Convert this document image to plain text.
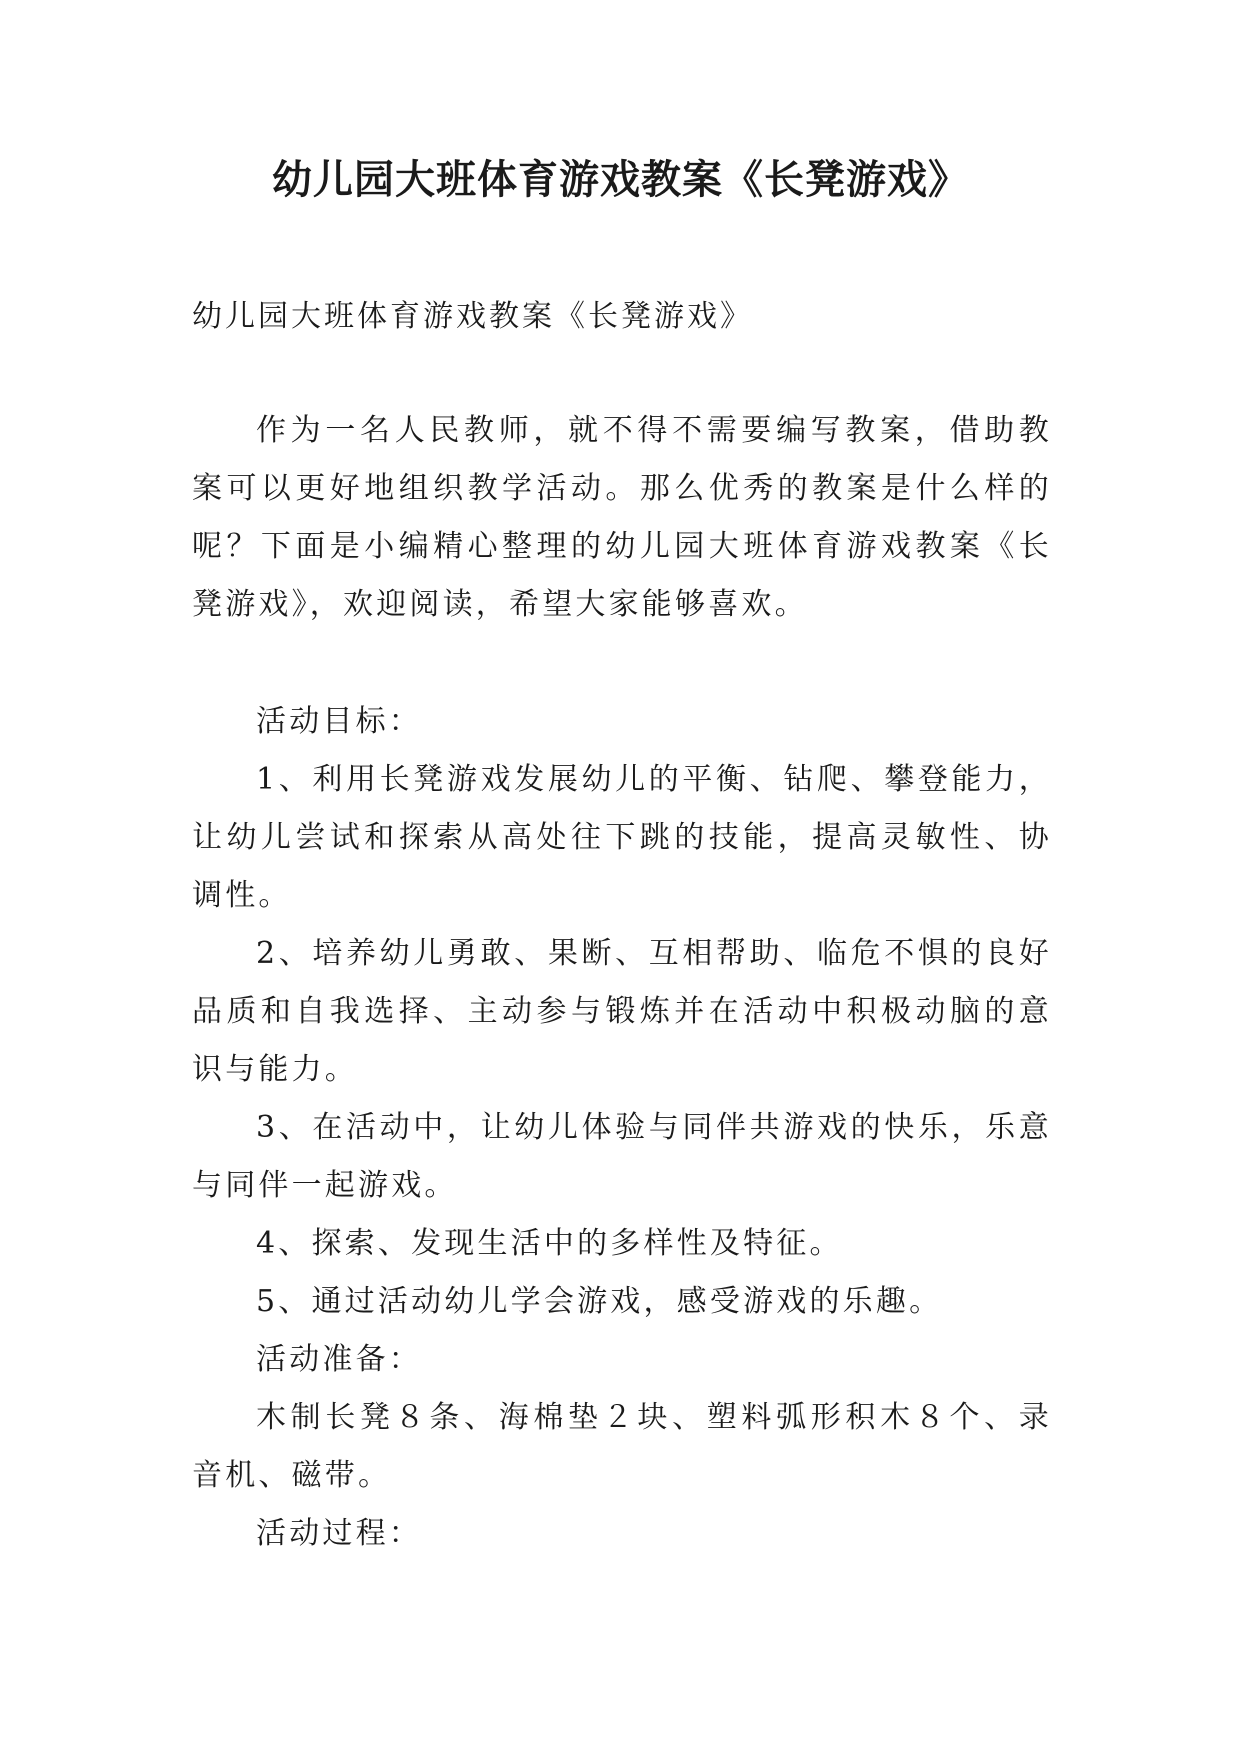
幼儿园大班体育游戏教案《长凳游戏》

幼儿园大班体育游戏教案《长凳游戏》

作为一名人民教师，就不得不需要编写教案，借助教案可以更好地组织教学活动。那么优秀的教案是什么样的呢？下面是小编精心整理的幼儿园大班体育游戏教案《长凳游戏》，欢迎阅读，希望大家能够喜欢。

活动目标：

1、利用长凳游戏发展幼儿的平衡、钻爬、攀登能力，让幼儿尝试和探索从高处往下跳的技能，提高灵敏性、协调性。

2、培养幼儿勇敢、果断、互相帮助、临危不惧的良好品质和自我选择、主动参与锻炼并在活动中积极动脑的意识与能力。

3、在活动中，让幼儿体验与同伴共游戏的快乐，乐意与同伴一起游戏。

4、探索、发现生活中的多样性及特征。

5、通过活动幼儿学会游戏，感受游戏的乐趣。

活动准备：

木制长凳８条、海棉垫２块、塑料弧形积木８个、录音机、磁带。

活动过程：
